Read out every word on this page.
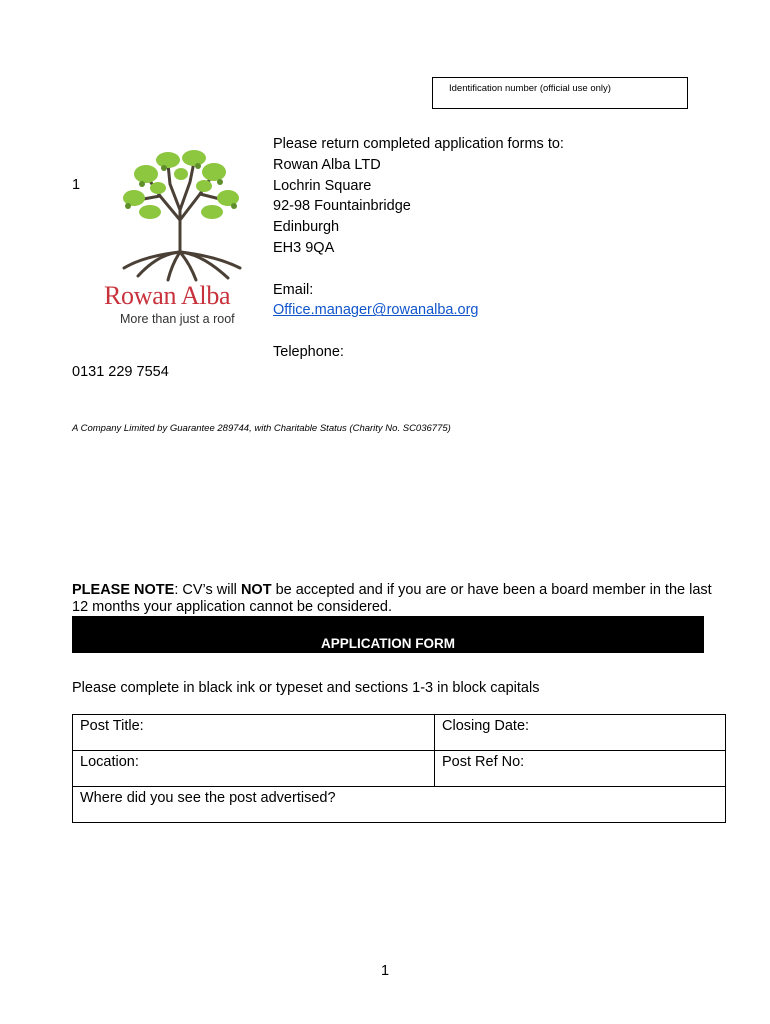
Identification number (official use only)
1
Rowan Alba
More than just a roof
Please return completed application forms to:
Rowan Alba LTD
Lochrin Square
92-98 Fountainbridge
Edinburgh
EH3 9QA
Email:
Office.manager@rowanalba.org
Telephone:
0131 229 7554
A Company Limited by Guarantee 289744, with Charitable Status (Charity No. SC036775)
PLEASE NOTE: CV’s will NOT be accepted and if you are or have been a board member in the last 12 months your application cannot be considered.
APPLICATION FORM
Please complete in black ink or typeset and sections 1-3 in block capitals
Post Title:	Closing Date:
Location:	Post Ref No:
Where did you see the post advertised?	
1
